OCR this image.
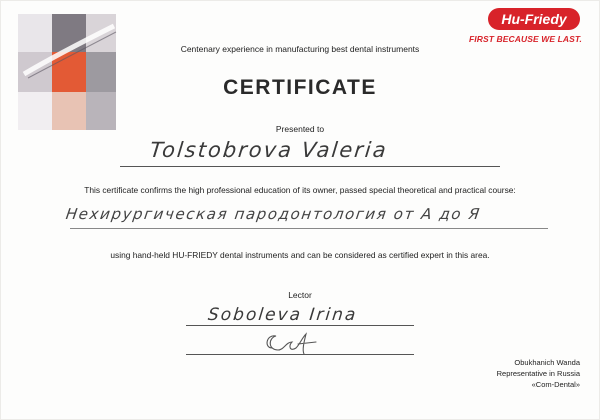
Hu-Friedy
FIRST BECAUSE WE LAST.
Centenary experience in manufacturing best dental instruments
CERTIFICATE
Presented to
Tolstobrova Valeria
This certificate confirms the high professional education of its owner, passed special theoretical and practical course:
Нехирургическая пародонтология от А до Я
using hand-held HU-FRIEDY dental instruments and can be considered as certified expert in this area.
Lector
Soboleva Irina
Obukhanich Wanda
Representative in Russia
«Com-Dental»
